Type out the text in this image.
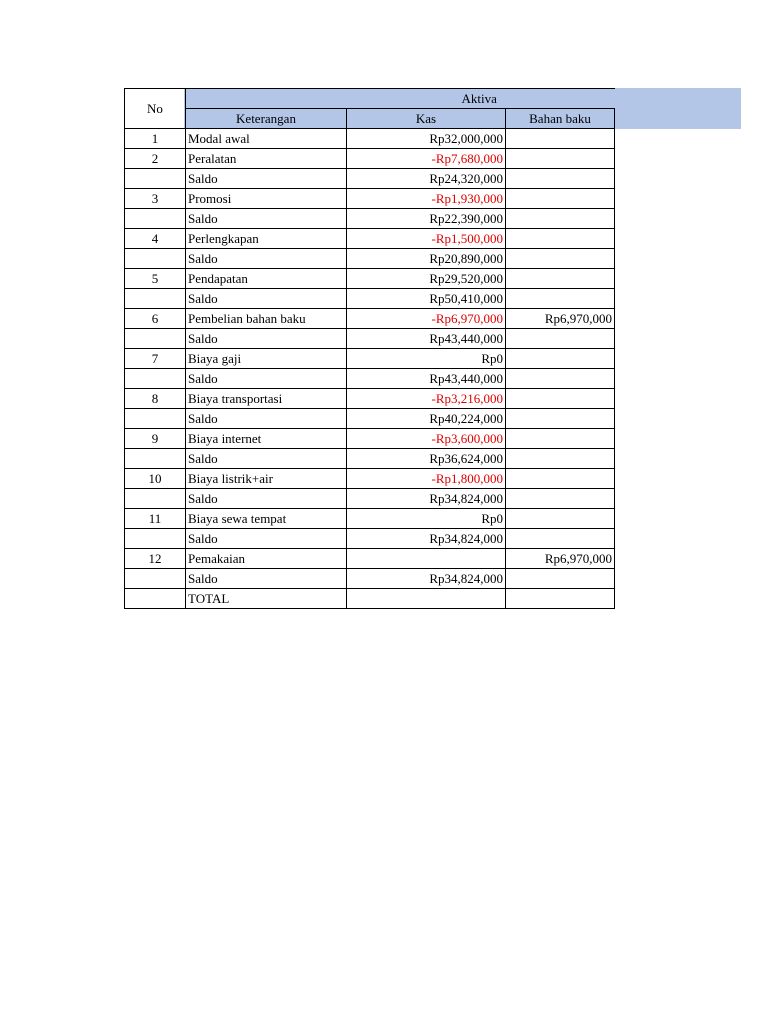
No	Aktiva		
	Keterangan	Kas	Bahan baku
1	Modal awal	Rp32,000,000	
2	Peralatan	-Rp7,680,000	
	Saldo	Rp24,320,000	
3	Promosi	-Rp1,930,000	
	Saldo	Rp22,390,000	
4	Perlengkapan	-Rp1,500,000	
	Saldo	Rp20,890,000	
5	Pendapatan	Rp29,520,000	
	Saldo	Rp50,410,000	
6	Pembelian bahan baku	-Rp6,970,000	Rp6,970,000
	Saldo	Rp43,440,000	
7	Biaya gaji	Rp0	
	Saldo	Rp43,440,000	
8	Biaya transportasi	-Rp3,216,000	
	Saldo	Rp40,224,000	
9	Biaya internet	-Rp3,600,000	
	Saldo	Rp36,624,000	
10	Biaya listrik+air	-Rp1,800,000	
	Saldo	Rp34,824,000	
11	Biaya sewa tempat	Rp0	
	Saldo	Rp34,824,000	
12	Pemakaian		Rp6,970,000
	Saldo	Rp34,824,000	
	TOTAL		
